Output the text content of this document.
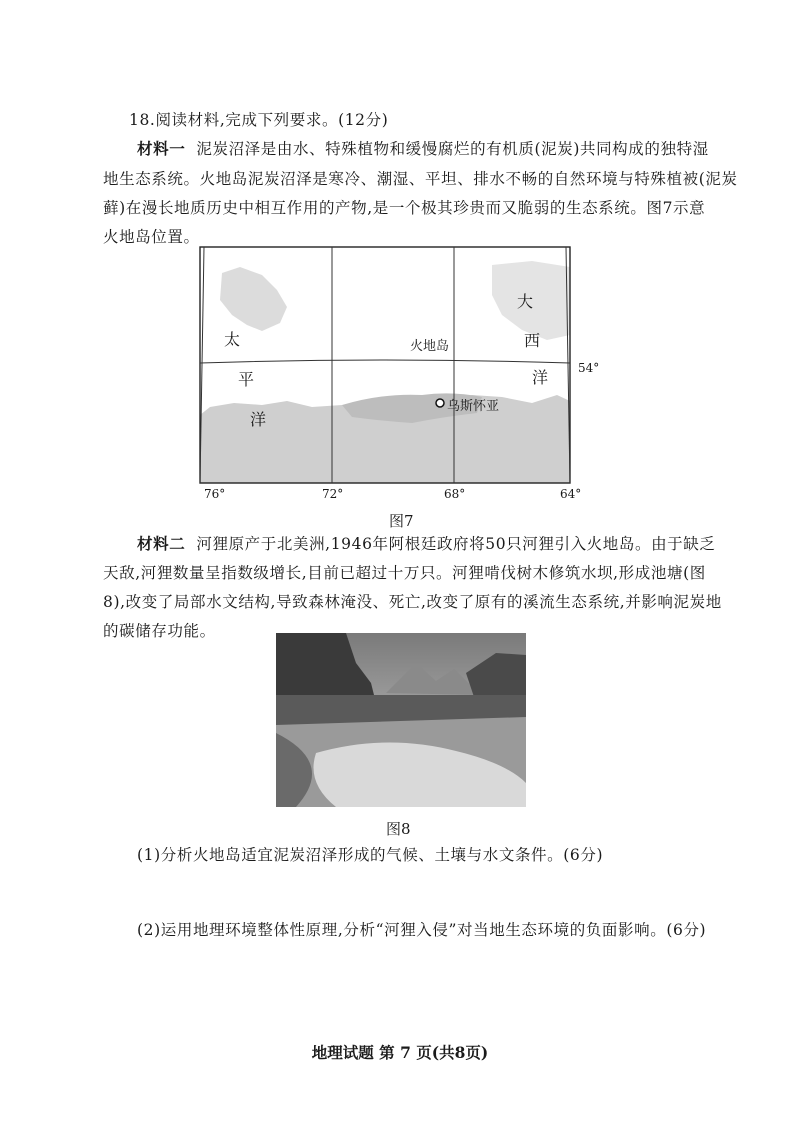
18.阅读材料,完成下列要求。(12分)
材料一 泥炭沼泽是由水、特殊植物和缓慢腐烂的有机质(泥炭)共同构成的独特湿
地生态系统。火地岛泥炭沼泽是寒冷、潮湿、平坦、排水不畅的自然环境与特殊植被(泥炭
藓)在漫长地质历史中相互作用的产物,是一个极其珍贵而又脆弱的生态系统。图7示意
火地岛位置。
太
平
洋
大
西
洋
火地岛
乌斯怀亚
54°
76°	72°	68°	64°
图7
材料二 河狸原产于北美洲,1946年阿根廷政府将50只河狸引入火地岛。由于缺乏
天敌,河狸数量呈指数级增长,目前已超过十万只。河狸啃伐树木修筑水坝,形成池塘(图
8),改变了局部水文结构,导致森林淹没、死亡,改变了原有的溪流生态系统,并影响泥炭地
的碳储存功能。
图8
(1)分析火地岛适宜泥炭沼泽形成的气候、土壤与水文条件。(6分)
(2)运用地理环境整体性原理,分析“河狸入侵”对当地生态环境的负面影响。(6分)
地理试题 第 7 页(共8页)
